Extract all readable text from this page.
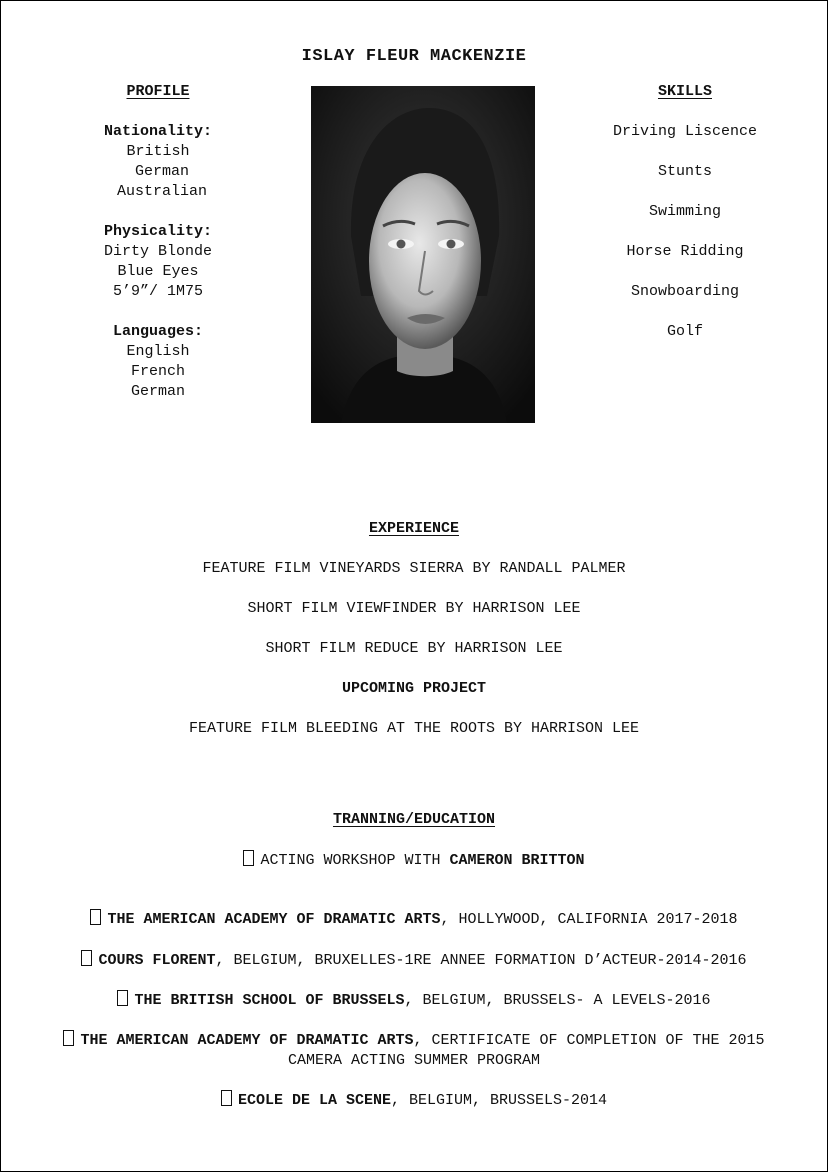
ISLAY FLEUR MACKENZIE
PROFILE
Nationality:
British
German
Australian
Physicality:
Dirty Blonde
Blue Eyes
5’9”/ 1M75
Languages:
English
French
German
SKILLS
Driving Liscence
Stunts
Swimming
Horse Ridding
Snowboarding
Golf
EXPERIENCE
FEATURE FILM VINEYARDS SIERRA BY RANDALL PALMER
SHORT FILM VIEWFINDER BY HARRISON LEE
SHORT FILM REDUCE BY HARRISON LEE
UPCOMING PROJECT
FEATURE FILM BLEEDING AT THE ROOTS BY HARRISON LEE
TRANNING/EDUCATION
ACTING WORKSHOP WITH CAMERON BRITTON
THE AMERICAN ACADEMY OF DRAMATIC ARTS, HOLLYWOOD, CALIFORNIA 2017-2018
COURS FLORENT, BELGIUM, BRUXELLES-1RE ANNEE FORMATION D’ACTEUR-2014-2016
THE BRITISH SCHOOL OF BRUSSELS, BELGIUM, BRUSSELS- A LEVELS-2016
THE AMERICAN ACADEMY OF DRAMATIC ARTS, CERTIFICATE OF COMPLETION OF THE 2015
CAMERA ACTING SUMMER PROGRAM
ECOLE DE LA SCENE, BELGIUM, BRUSSELS-2014
